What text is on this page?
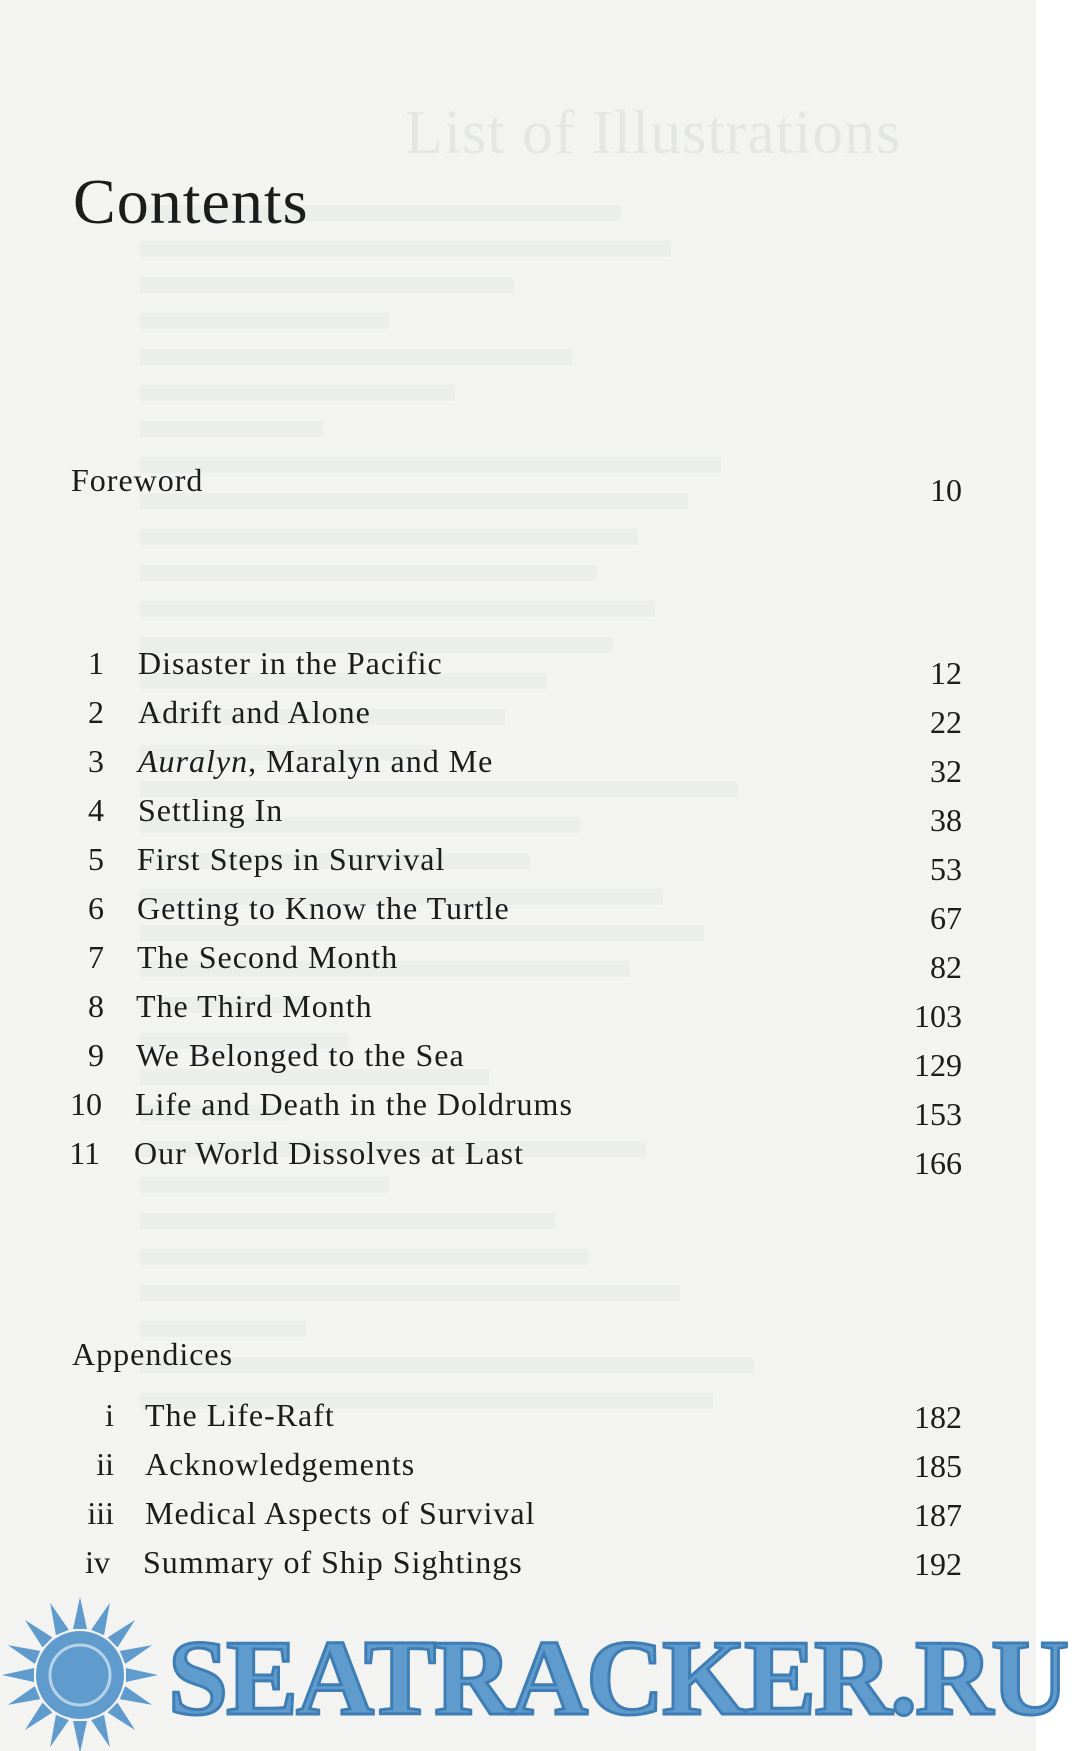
List of Illustrations
Contents
Foreword	10
1 Disaster in the Pacific	12
2 Adrift and Alone	22
3 Auralyn, Maralyn and Me	32
4 Settling In	38
5 First Steps in Survival	53
6 Getting to Know the Turtle	67
7 The Second Month	82
8 The Third Month	103
9 We Belonged to the Sea	129
10 Life and Death in the Doldrums	153
11 Our World Dissolves at Last	166
Appendices
i The Life-Raft	182
ii Acknowledgements	185
iii Medical Aspects of Survival	187
iv Summary of Ship Sightings	192
SEATRACKER.RU
